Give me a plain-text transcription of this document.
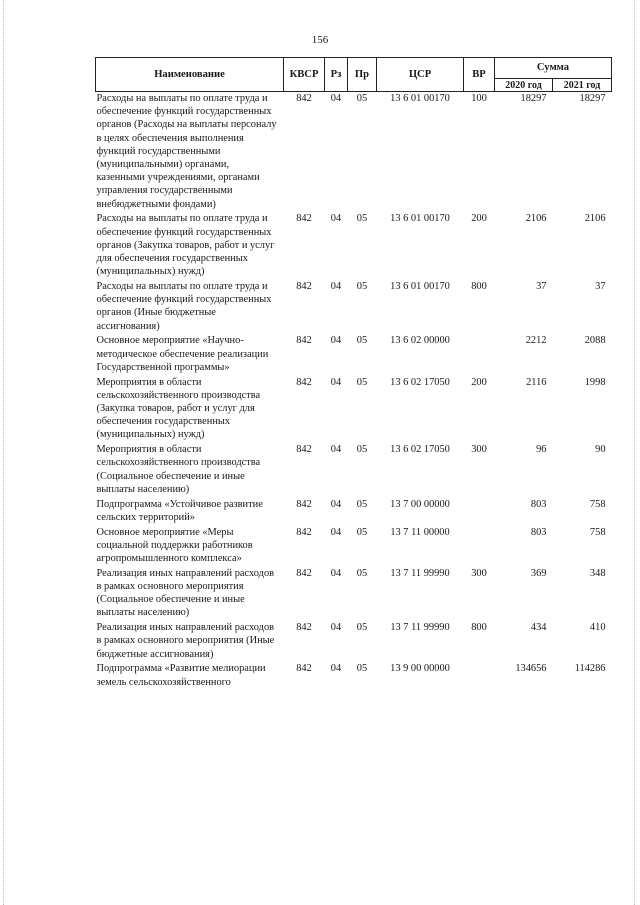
156
Наименование	КВСР	Рз	Пр	ЦСР	ВР	Сумма	
						2020 год	2021 год
Расходы на выплаты по оплате труда и обеспечение функций государственных органов (Расходы на выплаты персоналу в целях обеспечения выполнения функций государственными (муниципальными) органами, казенными учреждениями, органами управления государственными внебюджетными фондами)	842	04	05	13 6 01 00170	100	18297	18297
Расходы на выплаты по оплате труда и обеспечение функций государственных органов (Закупка товаров, работ и услуг для обеспечения государственных (муниципальных) нужд)	842	04	05	13 6 01 00170	200	2106	2106
Расходы на выплаты по оплате труда и обеспечение функций государственных органов (Иные бюджетные ассигнования)	842	04	05	13 6 01 00170	800	37	37
Основное мероприятие «Научно-методическое обеспечение реализации Государственной программы»	842	04	05	13 6 02 00000		2212	2088
Мероприятия в области сельскохозяйственного производства (Закупка товаров, работ и услуг для обеспечения государственных (муниципальных) нужд)	842	04	05	13 6 02 17050	200	2116	1998
Мероприятия в области сельскохозяйственного производства (Социальное обеспечение и иные выплаты населению)	842	04	05	13 6 02 17050	300	96	90
Подпрограмма «Устойчивое развитие сельских территорий»	842	04	05	13 7 00 00000		803	758
Основное мероприятие «Меры социальной поддержки работников агропромышленного комплекса»	842	04	05	13 7 11 00000		803	758
Реализация иных направлений расходов в рамках основного мероприятия (Социальное обеспечение и иные выплаты населению)	842	04	05	13 7 11 99990	300	369	348
Реализация иных направлений расходов в рамках основного мероприятия (Иные бюджетные ассигнования)	842	04	05	13 7 11 99990	800	434	410
Подпрограмма «Развитие мелиорации земель сельскохозяйственного	842	04	05	13 9 00 00000		134656	114286
